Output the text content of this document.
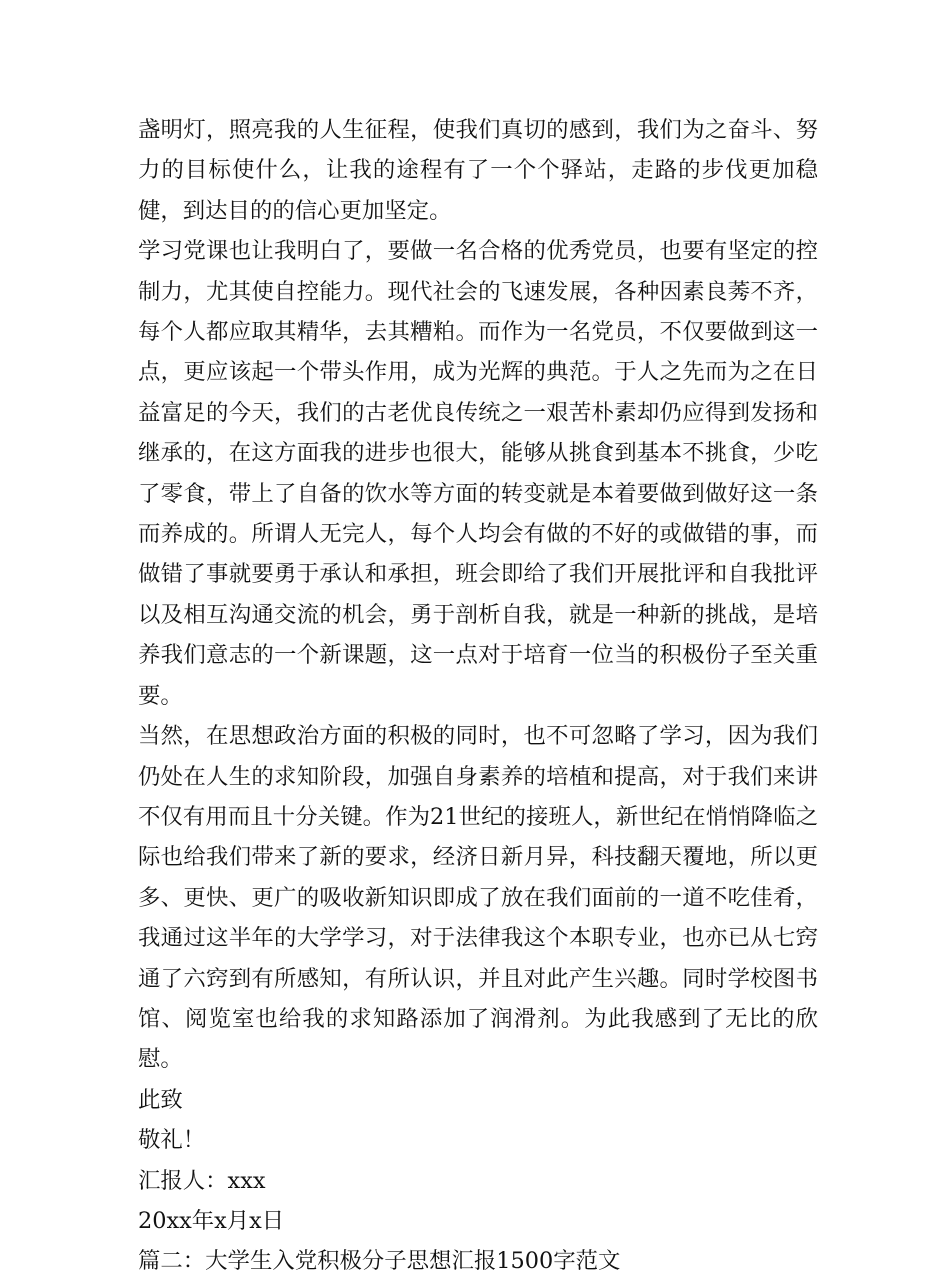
盏明灯，照亮我的人生征程，使我们真切的感到，我们为之奋斗、努力的目标使什么，让我的途程有了一个个驿站，走路的步伐更加稳健，到达目的的信心更加坚定。

学习党课也让我明白了，要做一名合格的优秀党员，也要有坚定的控制力，尤其使自控能力。现代社会的飞速发展，各种因素良莠不齐，每个人都应取其精华，去其糟粕。而作为一名党员，不仅要做到这一点，更应该起一个带头作用，成为光辉的典范。于人之先而为之在日益富足的今天，我们的古老优良传统之一艰苦朴素却仍应得到发扬和继承的，在这方面我的进步也很大，能够从挑食到基本不挑食，少吃了零食，带上了自备的饮水等方面的转变就是本着要做到做好这一条而养成的。所谓人无完人，每个人均会有做的不好的或做错的事，而做错了事就要勇于承认和承担，班会即给了我们开展批评和自我批评以及相互沟通交流的机会，勇于剖析自我，就是一种新的挑战，是培养我们意志的一个新课题，这一点对于培育一位当的积极份子至关重要。

当然，在思想政治方面的积极的同时，也不可忽略了学习，因为我们仍处在人生的求知阶段，加强自身素养的培植和提高，对于我们来讲不仅有用而且十分关键。作为21世纪的接班人，新世纪在悄悄降临之际也给我们带来了新的要求，经济日新月异，科技翻天覆地，所以更多、更快、更广的吸收新知识即成了放在我们面前的一道不吃佳肴，我通过这半年的大学学习，对于法律我这个本职专业，也亦已从七窍通了六窍到有所感知，有所认识，并且对此产生兴趣。同时学校图书馆、阅览室也给我的求知路添加了润滑剂。为此我感到了无比的欣慰。

此致

敬礼！

汇报人：xxx

20xx年x月x日

篇二：大学生入党积极分子思想汇报1500字范文
